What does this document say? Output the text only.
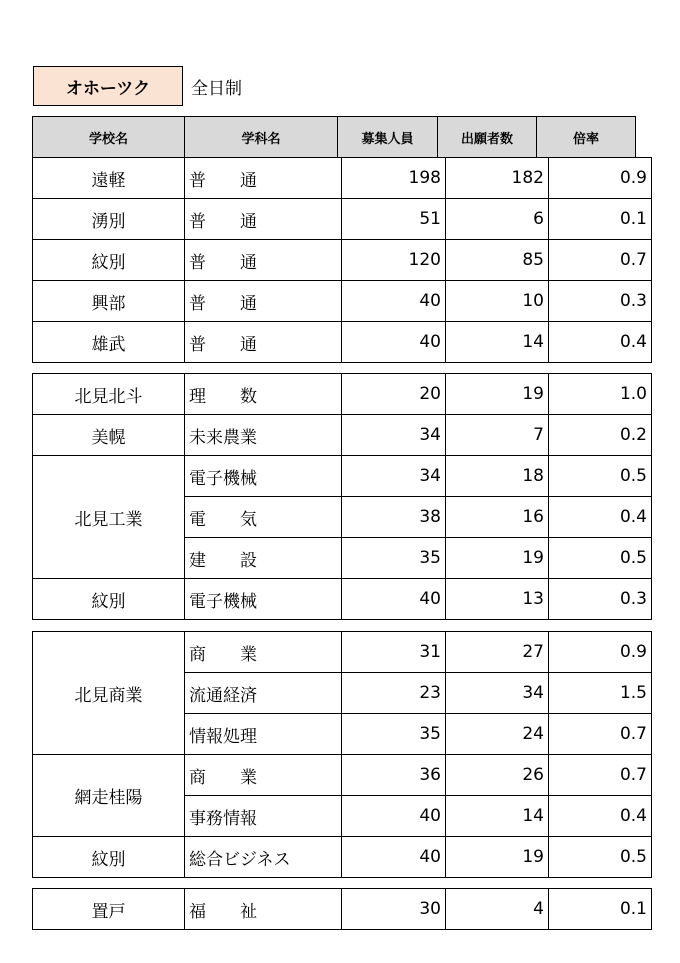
オホーツク	全日制
学校名	学科名	募集人員	出願者数	倍率
遠軽	普　　通	198	182	0.9
湧別	普　　通	51	6	0.1
紋別	普　　通	120	85	0.7
興部	普　　通	40	10	0.3
雄武	普　　通	40	14	0.4
北見北斗	理　　数	20	19	1.0
美幌	未来農業	34	7	0.2
北見工業	電子機械	34	18	0.5
	電　　気	38	16	0.4
	建　　設	35	19	0.5
紋別	電子機械	40	13	0.3
北見商業	商　　業	31	27	0.9
	流通経済	23	34	1.5
	情報処理	35	24	0.7
網走桂陽	商　　業	36	26	0.7
	事務情報	40	14	0.4
紋別	総合ビジネス	40	19	0.5
置戸	福　　祉	30	4	0.1
